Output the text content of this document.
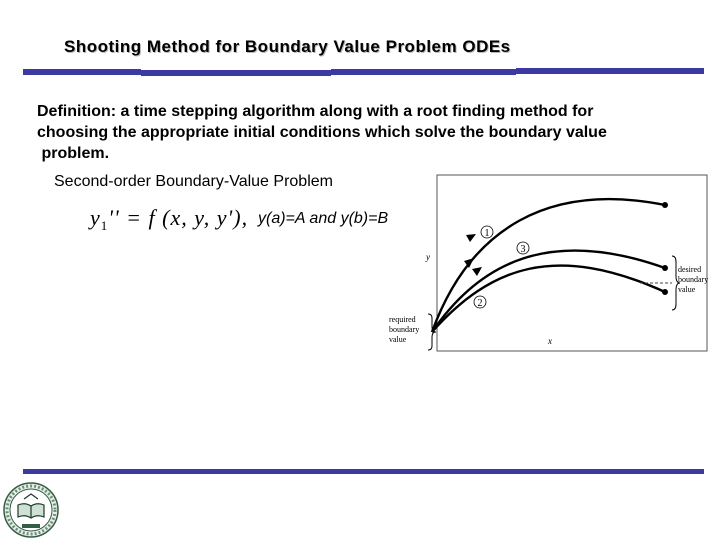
Shooting Method for Boundary Value Problem ODEs
Definition: a time stepping algorithm along with a root finding method for
choosing the appropriate initial conditions which solve the boundary value
problem.
Second-order Boundary-Value Problem
$y_1'' = f$ (x, y, y'), y(a)=A and y(b)=B
1
3
2
y
x
desired
boundary
value
required
boundary
value
